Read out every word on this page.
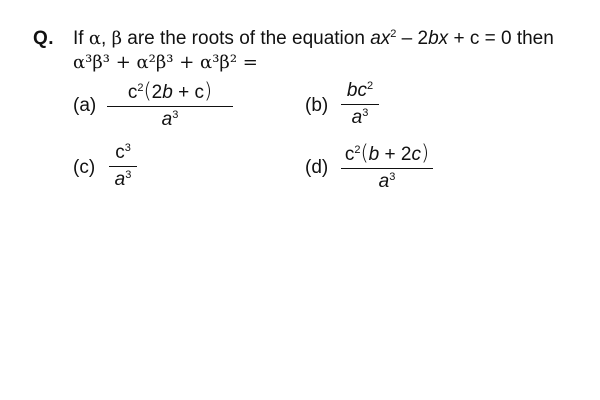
Q. If α, β are the roots of the equation $ax^2 - 2bx + c = 0$ then
α³β³ + α²β³ + α³β² =
(a)
$c^2(2b + c)$
$a^3$	(b)
$bc^2$
$a^3$
(c)
$c^3$
$a^3$	(d)
$c^2(b + 2c)$
$a^3$
